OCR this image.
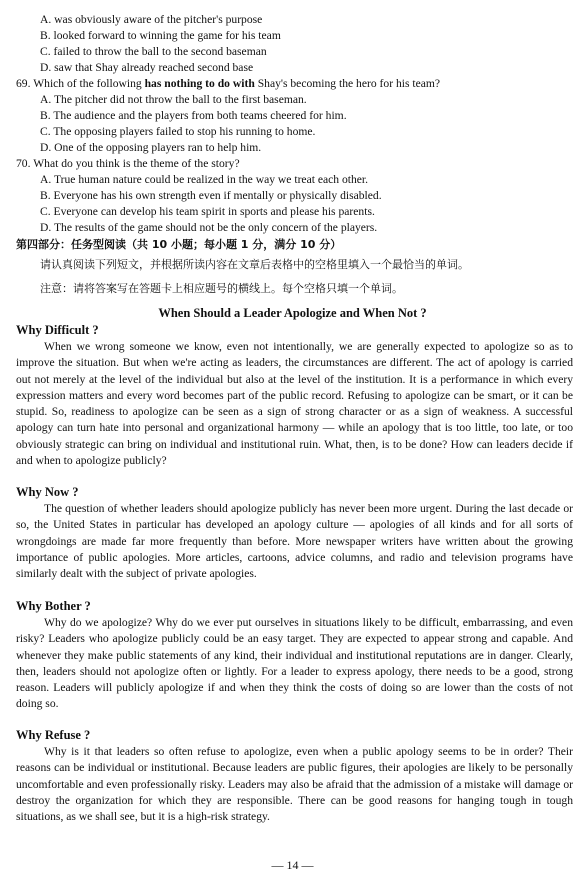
A. was obviously aware of the pitcher's purpose
B. looked forward to winning the game for his team
C. failed to throw the ball to the second baseman
D. saw that Shay already reached second base
69. Which of the following has nothing to do with Shay's becoming the hero for his team?
A. The pitcher did not throw the ball to the first baseman.
B. The audience and the players from both teams cheered for him.
C. The opposing players failed to stop his running to home.
D. One of the opposing players ran to help him.
70. What do you think is the theme of the story?
A. True human nature could be realized in the way we treat each other.
B. Everyone has his own strength even if mentally or physically disabled.
C. Everyone can develop his team spirit in sports and please his parents.
D. The results of the game should not be the only concern of the players.
第四部分：任务型阅读（共 10 小题；每小题 1 分，满分 10 分）
请认真阅读下列短文，并根据所读内容在文章后表格中的空格里填入一个最恰当的单词。
注意：请将答案写在答题卡上相应题号的横线上。每个空格只填一个单词。
When Should a Leader Apologize and When Not ?
Why Difficult ?
When we wrong someone we know, even not intentionally, we are generally expected to apologize so as to improve the situation. But when we're acting as leaders, the circumstances are different. The act of apology is carried out not merely at the level of the individual but also at the level of the institution. It is a performance in which every expression matters and every word becomes part of the public record. Refusing to apologize can be smart, or it can be stupid. So, readiness to apologize can be seen as a sign of strong character or as a sign of weakness. A successful apology can turn hate into personal and organizational harmony — while an apology that is too little, too late, or too obviously strategic can bring on individual and institutional ruin. What, then, is to be done? How can leaders decide if and when to apologize publicly?
Why Now ?
The question of whether leaders should apologize publicly has never been more urgent. During the last decade or so, the United States in particular has developed an apology culture — apologies of all kinds and for all sorts of wrongdoings are made far more frequently than before. More newspaper writers have written about the growing importance of public apologies. More articles, cartoons, advice columns, and radio and television programs have similarly dealt with the subject of private apologies.
Why Bother ?
Why do we apologize? Why do we ever put ourselves in situations likely to be difficult, embarrassing, and even risky? Leaders who apologize publicly could be an easy target. They are expected to appear strong and capable. And whenever they make public statements of any kind, their individual and institutional reputations are in danger. Clearly, then, leaders should not apologize often or lightly. For a leader to express apology, there needs to be a good, strong reason. Leaders will publicly apologize if and when they think the costs of doing so are lower than the costs of not doing so.
Why Refuse ?
Why is it that leaders so often refuse to apologize, even when a public apology seems to be in order? Their reasons can be individual or institutional. Because leaders are public figures, their apologies are likely to be personally uncomfortable and even professionally risky. Leaders may also be afraid that the admission of a mistake will damage or destroy the organization for which they are responsible. There can be good reasons for hanging tough in tough situations, as we shall see, but it is a high-risk strategy.
— 14 —
